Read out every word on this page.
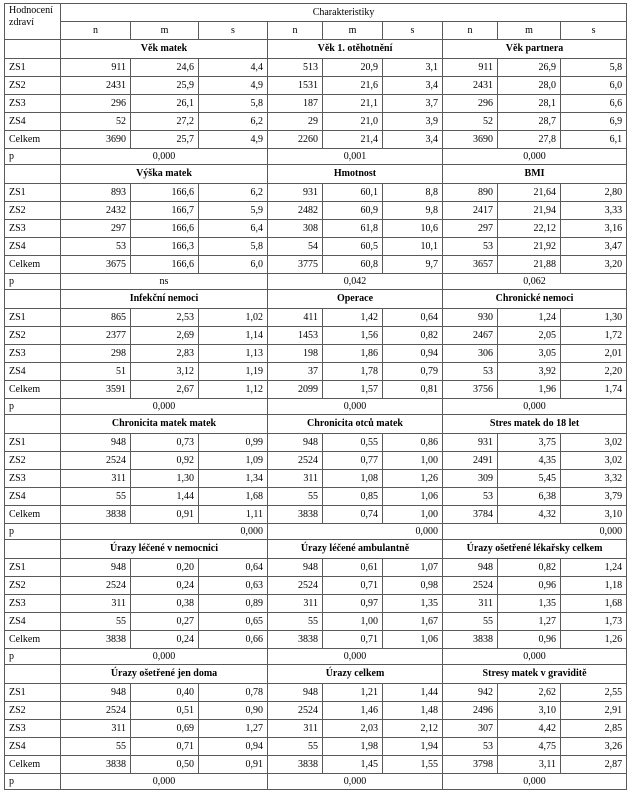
Hodnocení zdraví	Charakteristiky								
	n	m	s	n	m	s	n	m	s
	Věk matek			Věk 1. otěhotnění			Věk partnera		
ZS1	911	24,6	4,4	513	20,9	3,1	911	26,9	5,8
ZS2	2431	25,9	4,9	1531	21,6	3,4	2431	28,0	6,0
ZS3	296	26,1	5,8	187	21,1	3,7	296	28,1	6,6
ZS4	52	27,2	6,2	29	21,0	3,9	52	28,7	6,9
Celkem	3690	25,7	4,9	2260	21,4	3,4	3690	27,8	6,1
p	0,000			0,001			0,000		
	Výška matek			Hmotnost			BMI		
ZS1	893	166,6	6,2	931	60,1	8,8	890	21,64	2,80
ZS2	2432	166,7	5,9	2482	60,9	9,8	2417	21,94	3,33
ZS3	297	166,6	6,4	308	61,8	10,6	297	22,12	3,16
ZS4	53	166,3	5,8	54	60,5	10,1	53	21,92	3,47
Celkem	3675	166,6	6,0	3775	60,8	9,7	3657	21,88	3,20
p	ns			0,042			0,062		
	Infekční nemoci			Operace			Chronické nemoci		
ZS1	865	2,53	1,02	411	1,42	0,64	930	1,24	1,30
ZS2	2377	2,69	1,14	1453	1,56	0,82	2467	2,05	1,72
ZS3	298	2,83	1,13	198	1,86	0,94	306	3,05	2,01
ZS4	51	3,12	1,19	37	1,78	0,79	53	3,92	2,20
Celkem	3591	2,67	1,12	2099	1,57	0,81	3756	1,96	1,74
p	0,000			0,000			0,000		
	Chronicita matek matek			Chronicita otců matek			Stres matek do 18 let		
ZS1	948	0,73	0,99	948	0,55	0,86	931	3,75	3,02
ZS2	2524	0,92	1,09	2524	0,77	1,00	2491	4,35	3,02
ZS3	311	1,30	1,34	311	1,08	1,26	309	5,45	3,32
ZS4	55	1,44	1,68	55	0,85	1,06	53	6,38	3,79
Celkem	3838	0,91	1,11	3838	0,74	1,00	3784	4,32	3,10
p	0,000			0,000			0,000		
	Úrazy léčené v nemocnici			Úrazy léčené ambulantně			Úrazy ošetřené lékařsky celkem		
ZS1	948	0,20	0,64	948	0,61	1,07	948	0,82	1,24
ZS2	2524	0,24	0,63	2524	0,71	0,98	2524	0,96	1,18
ZS3	311	0,38	0,89	311	0,97	1,35	311	1,35	1,68
ZS4	55	0,27	0,65	55	1,00	1,67	55	1,27	1,73
Celkem	3838	0,24	0,66	3838	0,71	1,06	3838	0,96	1,26
p	0,000			0,000			0,000		
	Úrazy ošetřené jen doma			Úrazy celkem			Stresy matek v graviditě		
ZS1	948	0,40	0,78	948	1,21	1,44	942	2,62	2,55
ZS2	2524	0,51	0,90	2524	1,46	1,48	2496	3,10	2,91
ZS3	311	0,69	1,27	311	2,03	2,12	307	4,42	2,85
ZS4	55	0,71	0,94	55	1,98	1,94	53	4,75	3,26
Celkem	3838	0,50	0,91	3838	1,45	1,55	3798	3,11	2,87
p	0,000			0,000			0,000		
